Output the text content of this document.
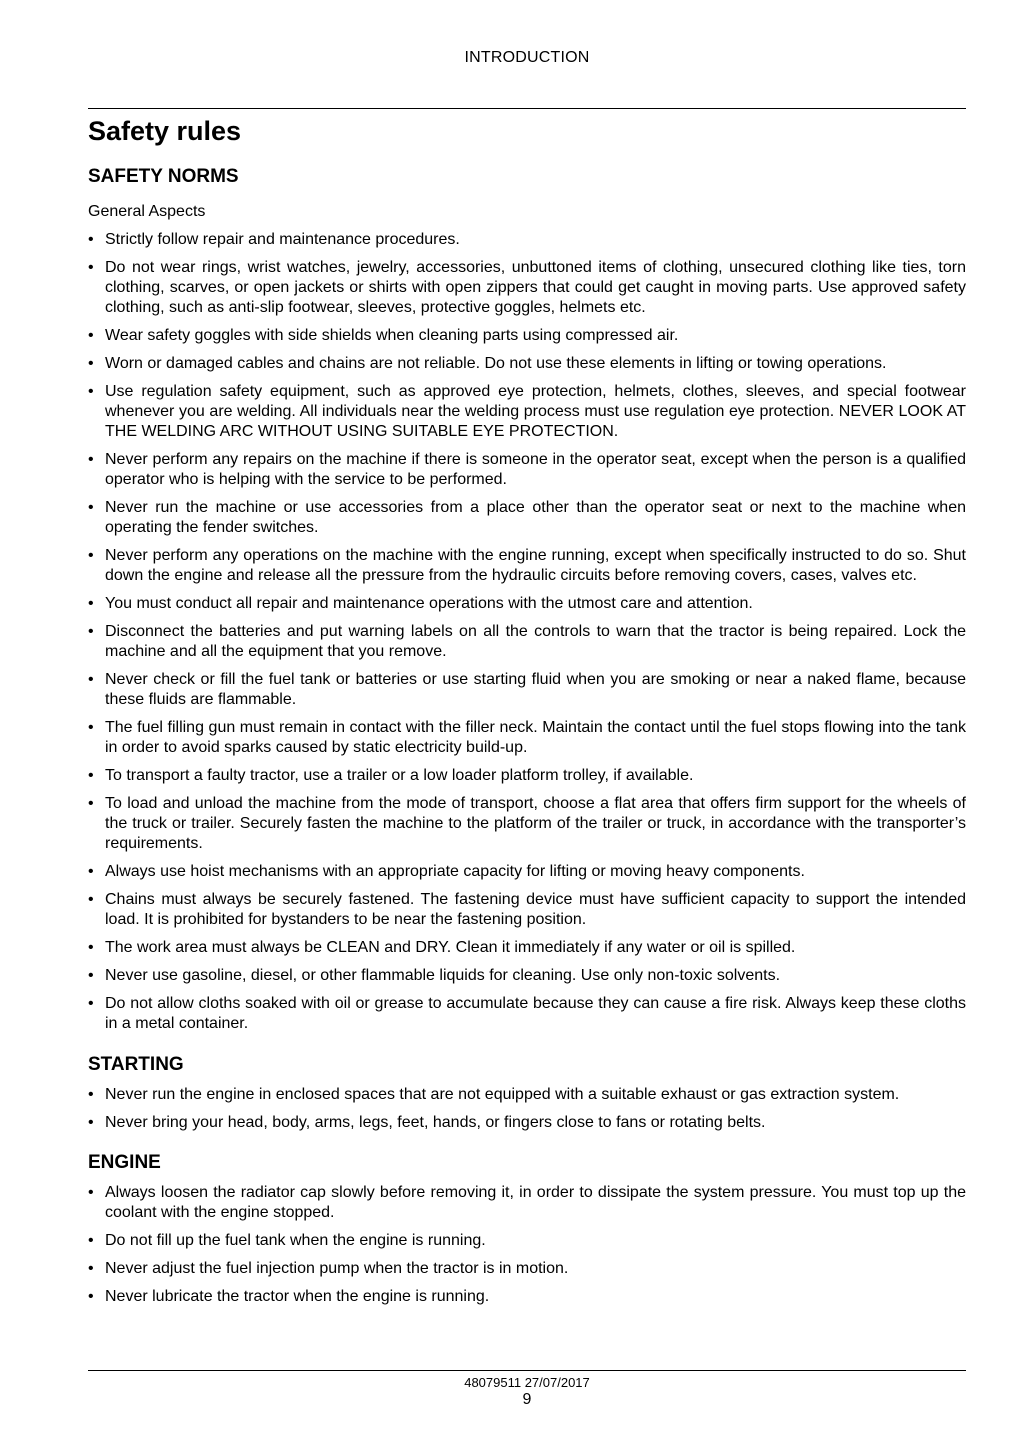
INTRODUCTION
Safety rules
SAFETY NORMS
General Aspects
• Strictly follow repair and maintenance procedures.
• Do not wear rings, wrist watches, jewelry, accessories, unbuttoned items of clothing, unsecured clothing like ties, torn clothing, scarves, or open jackets or shirts with open zippers that could get caught in moving parts. Use approved safety clothing, such as anti-slip footwear, sleeves, protective goggles, helmets etc.
• Wear safety goggles with side shields when cleaning parts using compressed air.
• Worn or damaged cables and chains are not reliable. Do not use these elements in lifting or towing operations.
• Use regulation safety equipment, such as approved eye protection, helmets, clothes, sleeves, and special footwear whenever you are welding. All individuals near the welding process must use regulation eye protection. NEVER LOOK AT THE WELDING ARC WITHOUT USING SUITABLE EYE PROTECTION.
• Never perform any repairs on the machine if there is someone in the operator seat, except when the person is a qualified operator who is helping with the service to be performed.
• Never run the machine or use accessories from a place other than the operator seat or next to the machine when operating the fender switches.
• Never perform any operations on the machine with the engine running, except when specifically instructed to do so. Shut down the engine and release all the pressure from the hydraulic circuits before removing covers, cases, valves etc.
• You must conduct all repair and maintenance operations with the utmost care and attention.
• Disconnect the batteries and put warning labels on all the controls to warn that the tractor is being repaired. Lock the machine and all the equipment that you remove.
• Never check or fill the fuel tank or batteries or use starting fluid when you are smoking or near a naked flame, because these fluids are flammable.
• The fuel filling gun must remain in contact with the filler neck. Maintain the contact until the fuel stops flowing into the tank in order to avoid sparks caused by static electricity build-up.
• To transport a faulty tractor, use a trailer or a low loader platform trolley, if available.
• To load and unload the machine from the mode of transport, choose a flat area that offers firm support for the wheels of the truck or trailer. Securely fasten the machine to the platform of the trailer or truck, in accordance with the transporter’s requirements.
• Always use hoist mechanisms with an appropriate capacity for lifting or moving heavy components.
• Chains must always be securely fastened. The fastening device must have sufficient capacity to support the intended load. It is prohibited for bystanders to be near the fastening position.
• The work area must always be CLEAN and DRY. Clean it immediately if any water or oil is spilled.
• Never use gasoline, diesel, or other flammable liquids for cleaning. Use only non-toxic solvents.
• Do not allow cloths soaked with oil or grease to accumulate because they can cause a fire risk. Always keep these cloths in a metal container.
STARTING
• Never run the engine in enclosed spaces that are not equipped with a suitable exhaust or gas extraction system.
• Never bring your head, body, arms, legs, feet, hands, or fingers close to fans or rotating belts.
ENGINE
• Always loosen the radiator cap slowly before removing it, in order to dissipate the system pressure. You must top up the coolant with the engine stopped.
• Do not fill up the fuel tank when the engine is running.
• Never adjust the fuel injection pump when the tractor is in motion.
• Never lubricate the tractor when the engine is running.
48079511 27/07/2017
9
